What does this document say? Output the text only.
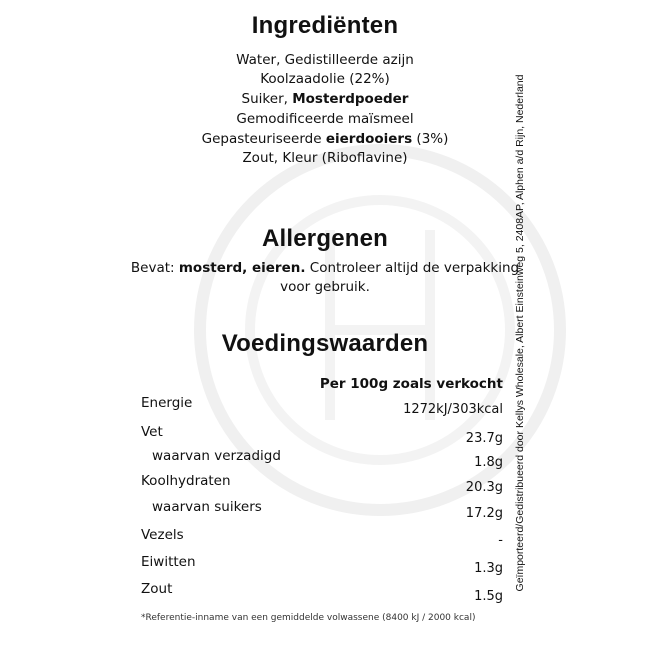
Ingrediënten
Water, Gedistilleerde azijn
Koolzaadolie (22%)
Suiker, Mosterdpoeder
Gemodificeerde maïsmeel
Gepasteuriseerde eierdooiers (3%)
Zout, Kleur (Riboflavine)
Allergenen
Bevat: mosterd, eieren. Controleer altijd de verpakking
voor gebruik.
Voedingswaarden
Per 100g zoals verkocht
Energie	1272kJ/303kcal
Vet	23.7g
waarvan verzadigd	1.8g
Koolhydraten	20.3g
waarvan suikers	17.2g
Vezels	-
Eiwitten	1.3g
Zout	1.5g
*Referentie-inname van een gemiddelde volwassene (8400 kJ / 2000 kcal)
Geïmporteerd/Gedistribueerd door Kellys Wholesale, Albert Einsteinweg 5, 2408AP, Alphen a/d Rijn, Nederland
